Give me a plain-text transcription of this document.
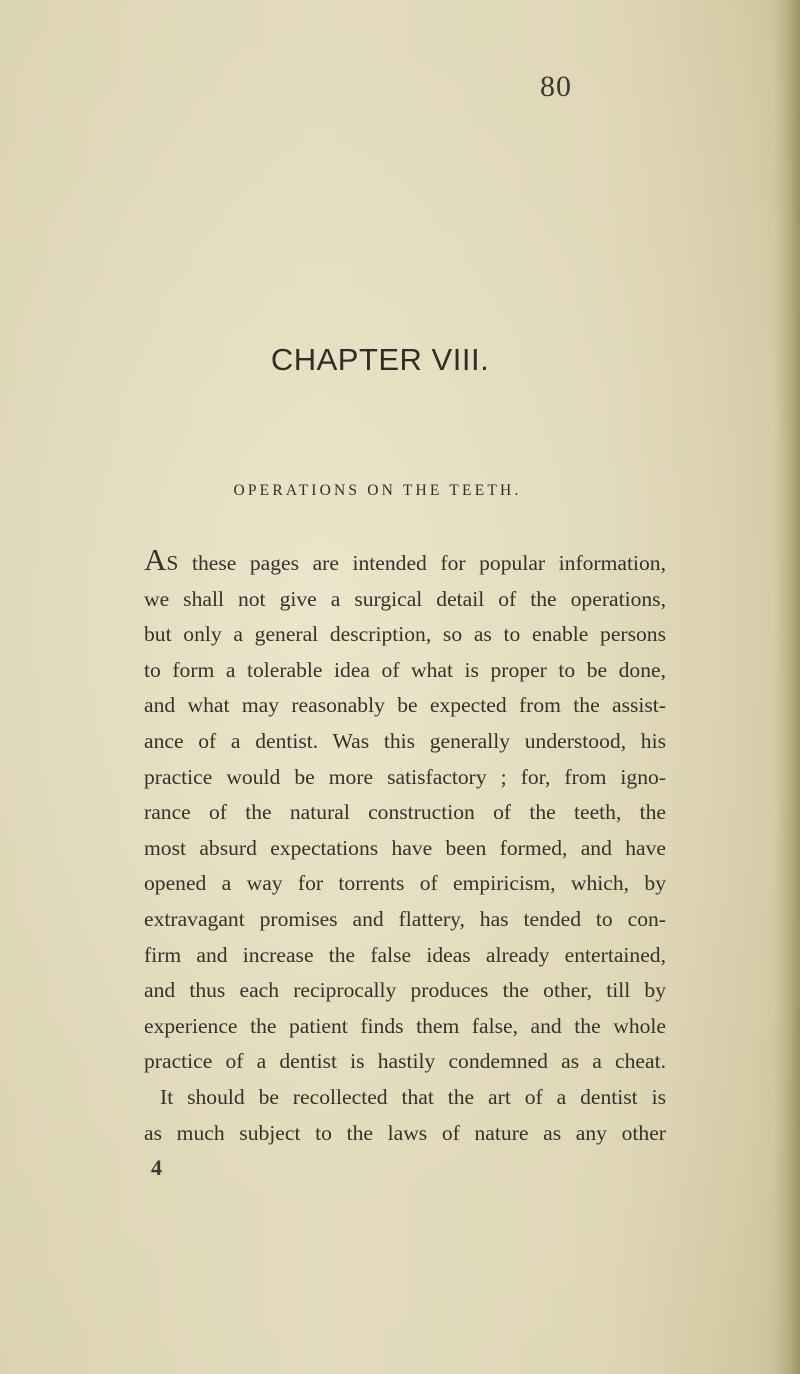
80
CHAPTER VIII.
OPERATIONS ON THE TEETH.
AS these pages are intended for popular information,
we shall not give a surgical detail of the operations,
but only a general description, so as to enable persons
to form a tolerable idea of what is proper to be done,
and what may reasonably be expected from the assist-
ance of a dentist. Was this generally understood, his
practice would be more satisfactory ; for, from igno-
rance of the natural construction of the teeth, the
most absurd expectations have been formed, and have
opened a way for torrents of empiricism, which, by
extravagant promises and flattery, has tended to con-
firm and increase the false ideas already entertained,
and thus each reciprocally produces the other, till by
experience the patient finds them false, and the whole
practice of a dentist is hastily condemned as a cheat.
It should be recollected that the art of a dentist is
as much subject to the laws of nature as any other
4
